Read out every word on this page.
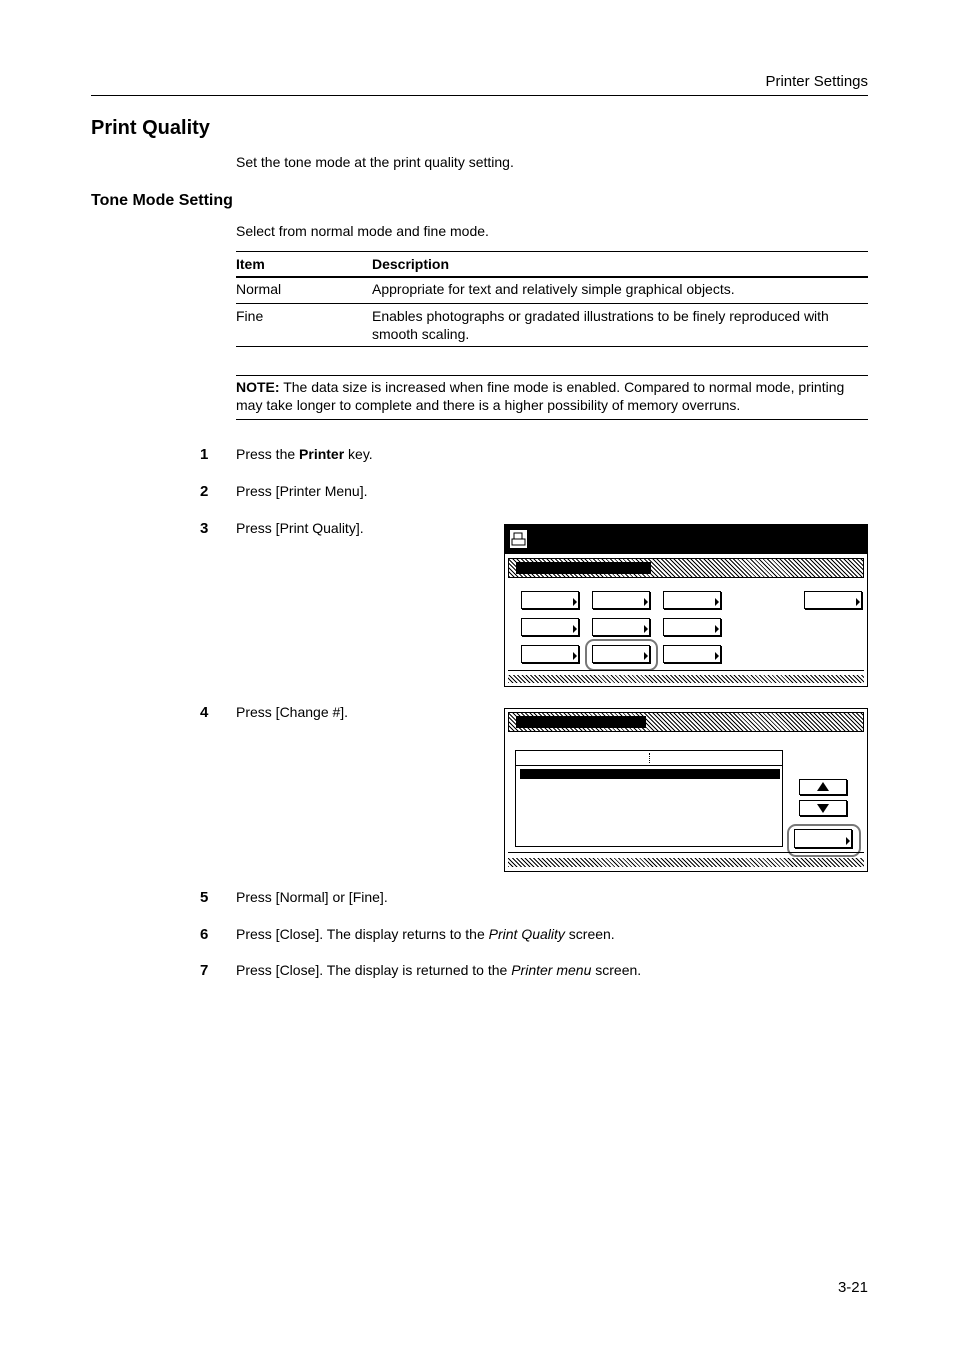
Printer Settings
Print Quality
Set the tone mode at the print quality setting.
Tone Mode Setting
Select from normal mode and fine mode.
Item	Description
Normal	Appropriate for text and relatively simple graphical objects.
Fine	Enables photographs or gradated illustrations to be finely reproduced with smooth scaling.
NOTE: The data size is increased when fine mode is enabled. Compared to normal mode, printing may take longer to complete and there is a higher possibility of memory overruns.
1 Press the Printer key.
2 Press [Printer Menu].
3 Press [Print Quality].
4 Press [Change #].
5 Press [Normal] or [Fine].
6 Press [Close]. The display returns to the Print Quality screen.
7 Press [Close]. The display is returned to the Printer menu screen.
3-21
